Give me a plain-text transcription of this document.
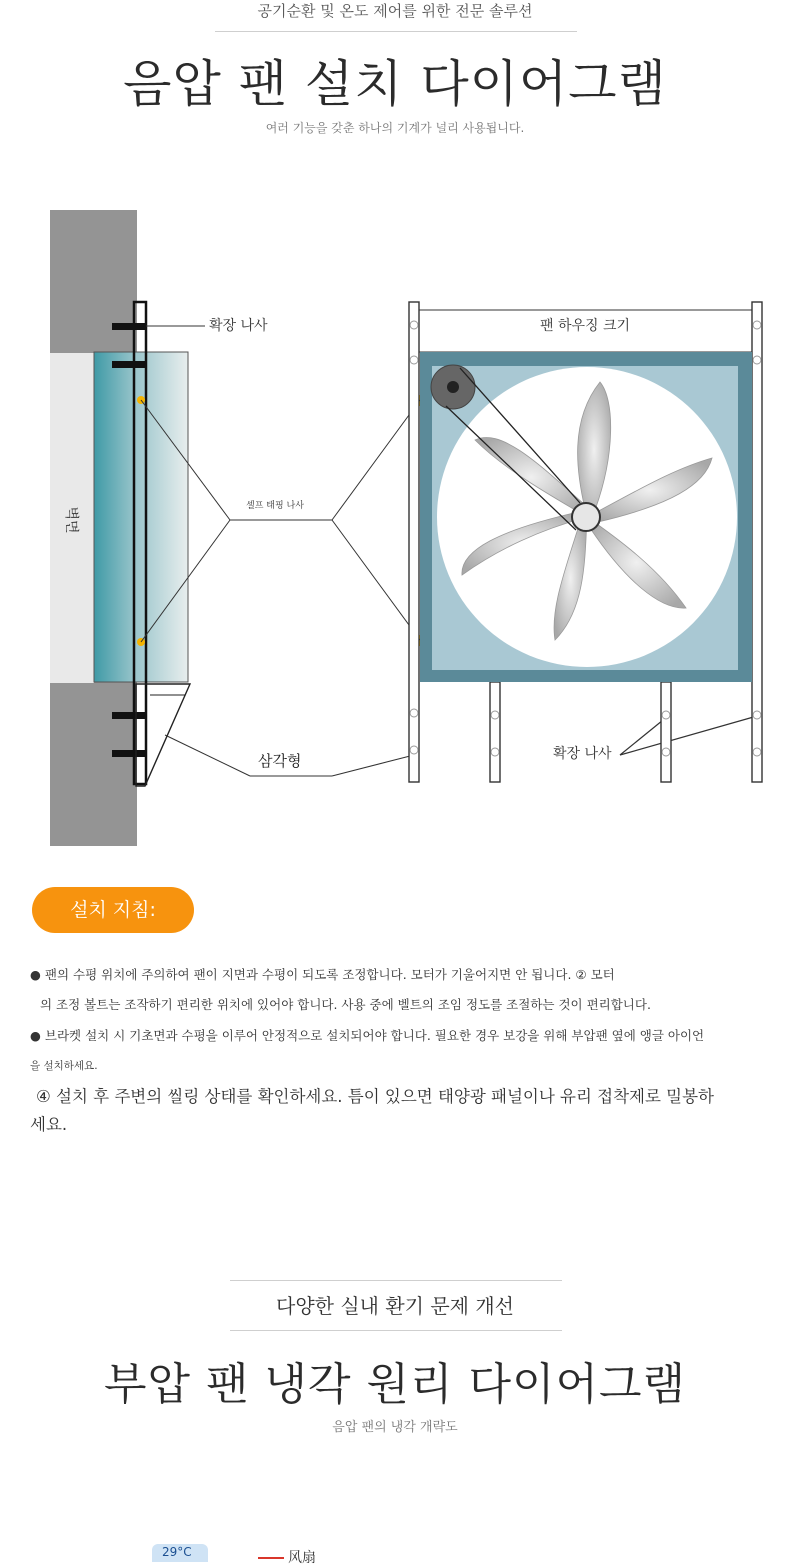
공기순환 및 온도 제어를 위한 전문 솔루션
음압 팬 설치 다이어그램
여러 기능을 갖춘 하나의 기계가 널리 사용됩니다.
벽면
확장 나사
셀프 태핑 나사
삼각형	확장 나사
팬 하우징 크기
설치 지침:
● 팬의 수평 위치에 주의하여 팬이 지면과 수평이 되도록 조정합니다. 모터가 기울어지면 안 됩니다. ② 모터
의 조정 볼트는 조작하기 편리한 위치에 있어야 합니다. 사용 중에 벨트의 조임 정도를 조절하는 것이 편리합니다.
● 브라켓 설치 시 기초면과 수평을 이루어 안정적으로 설치되어야 합니다. 필요한 경우 보강을 위해 부압팬 옆에 앵글 아이언
을 설치하세요.
④ 설치 후 주변의 씰링 상태를 확인하세요. 틈이 있으면 태양광 패널이나 유리 접착제로 밀봉하
세요.
다양한 실내 환기 문제 개선
부압 팬 냉각 원리 다이어그램
음압 팬의 냉각 개략도
29°C	风扇
